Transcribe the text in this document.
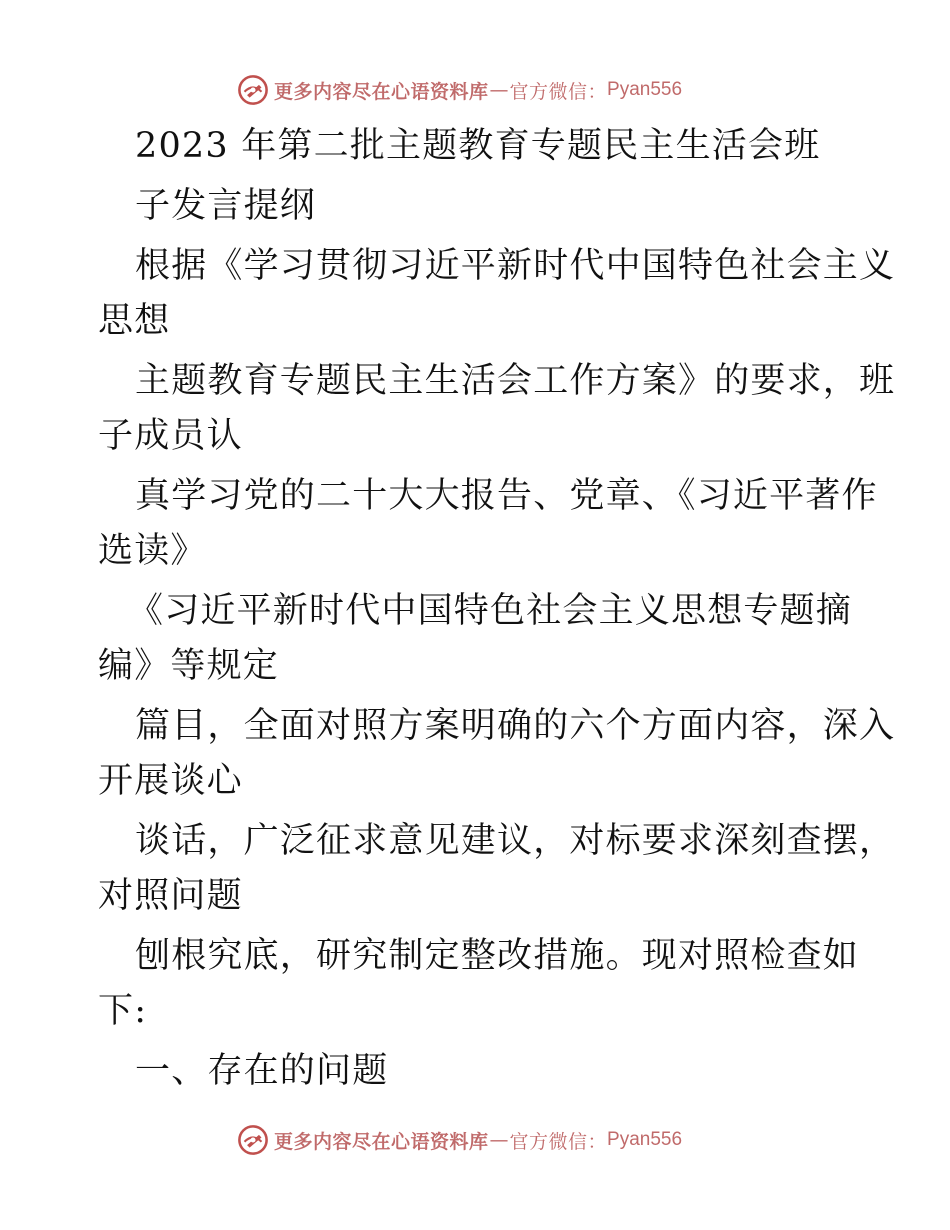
更多内容尽在心语资料库 — 官方微信： Pyan556
2023 年第二批主题教育专题民主生活会班
子发言提纲
根据《学习贯彻习近平新时代中国特色社会主义
思想
主题教育专题民主生活会工作方案》的要求，班
子成员认
真学习党的二十大大报告、党章、《习近平著作
选读》
《习近平新时代中国特色社会主义思想专题摘
编》等规定
篇目，全面对照方案明确的六个方面内容，深入
开展谈心
谈话，广泛征求意见建议，对标要求深刻查摆，
对照问题
刨根究底，研究制定整改措施。现对照检查如
下:
一、存在的问题
更多内容尽在心语资料库 — 官方微信： Pyan556
